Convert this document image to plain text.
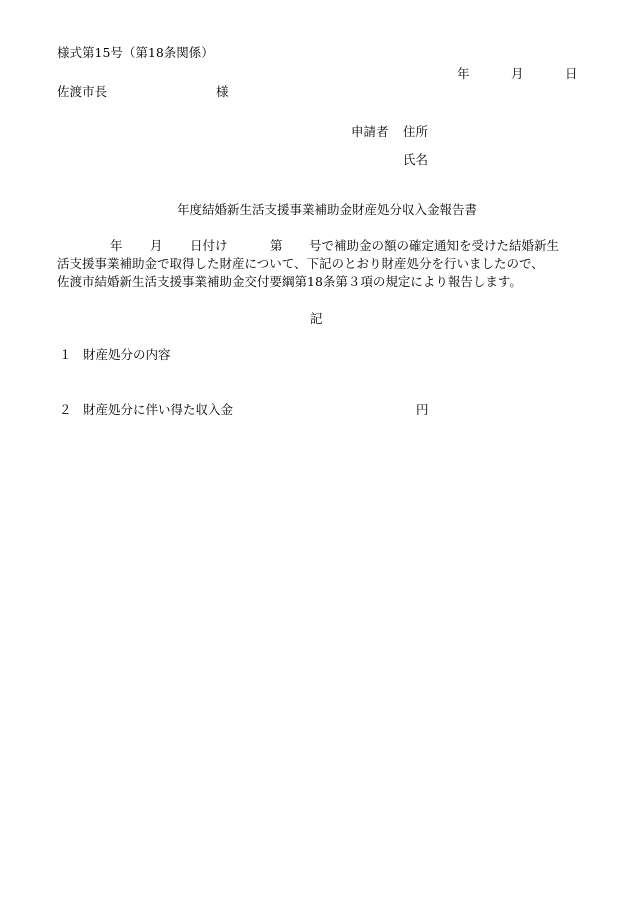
様式第15号（第18条関係）
年	月	日
佐渡市長	様
申請者 住所
氏名
年度結婚新生活支援事業補助金財産処分収入金報告書
年 月 日付け	第 号で補助金の額の確定通知を受けた結婚新生
活支援事業補助金で取得した財産について、下記のとおり財産処分を行いましたので、
佐渡市結婚新生活支援事業補助金交付要綱第18条第３項の規定により報告します。
記
１ 財産処分の内容
２ 財産処分に伴い得た収入金	円
